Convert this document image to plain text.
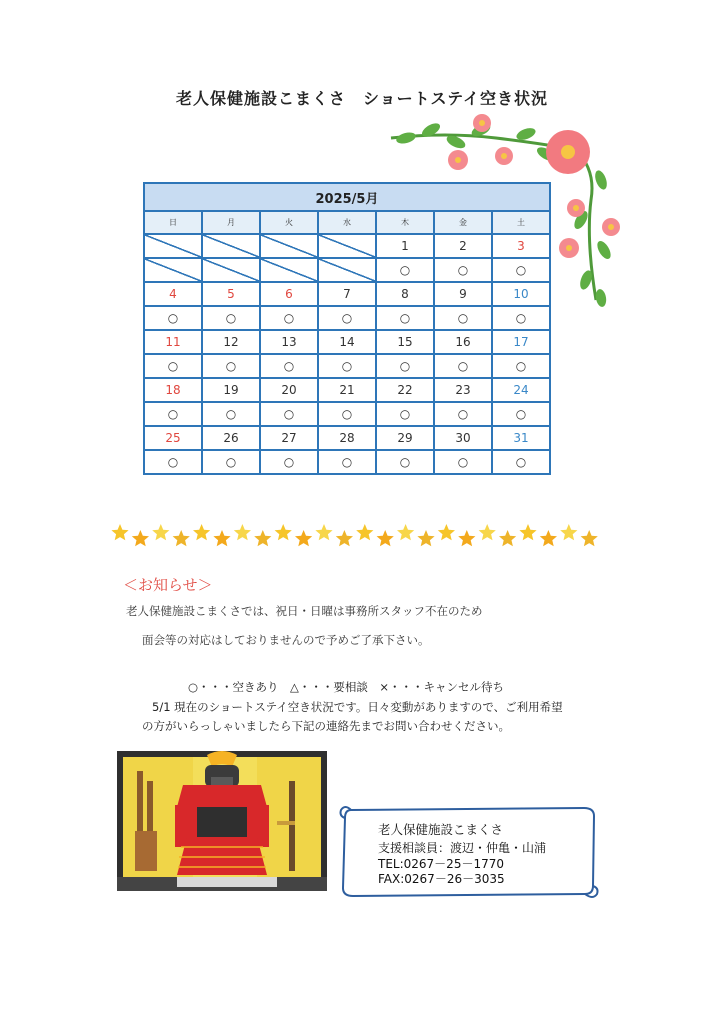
老人保健施設こまくさ　ショートステイ空き状況
2025/5月						
日	月	火	水	木	金	土
				1	2	3
				○	○	○
4	5	6	7	8	9	10
○	○	○	○	○	○	○
11	12	13	14	15	16	17
○	○	○	○	○	○	○
18	19	20	21	22	23	24
○	○	○	○	○	○	○
25	26	27	28	29	30	31
○	○	○	○	○	○	○
＜お知らせ＞
老人保健施設こまくさでは、祝日・日曜は事務所スタッフ不在のため
面会等の対応はしておりませんので予めご了承下さい。
○・・・空きあり　△・・・要相談　×・・・キャンセル待ち
5/1 現在のショートステイ空き状況です。日々変動がありますので、ご利用希望
の方がいらっしゃいましたら下記の連絡先までお問い合わせください。
老人保健施設こまくさ
支援相談員：渡辺・仲亀・山浦
TEL:0267－25－1770
FAX:0267－26－3035
